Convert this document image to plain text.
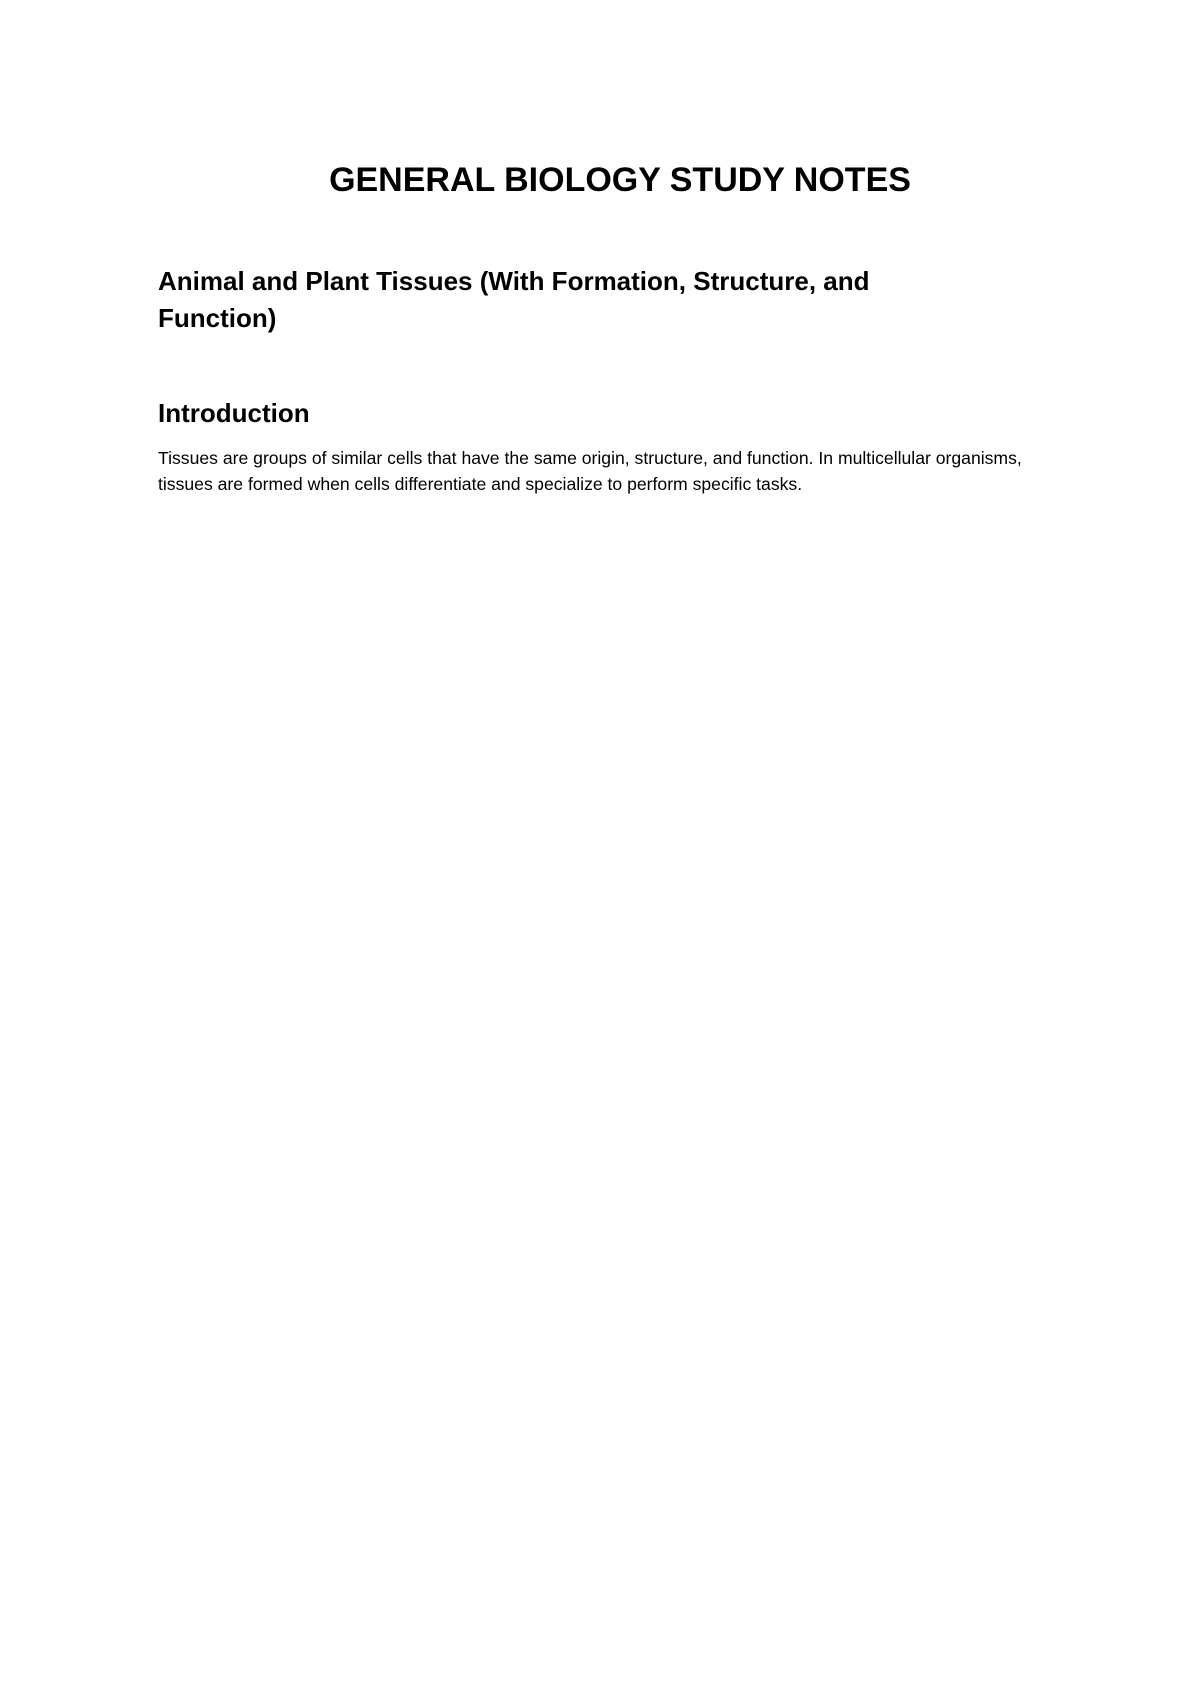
GENERAL BIOLOGY STUDY NOTES
Animal and Plant Tissues (With Formation, Structure, and Function)
Introduction
Tissues are groups of similar cells that have the same origin, structure, and function. In multicellular organisms, tissues are formed when cells differentiate and specialize to perform specific tasks.
